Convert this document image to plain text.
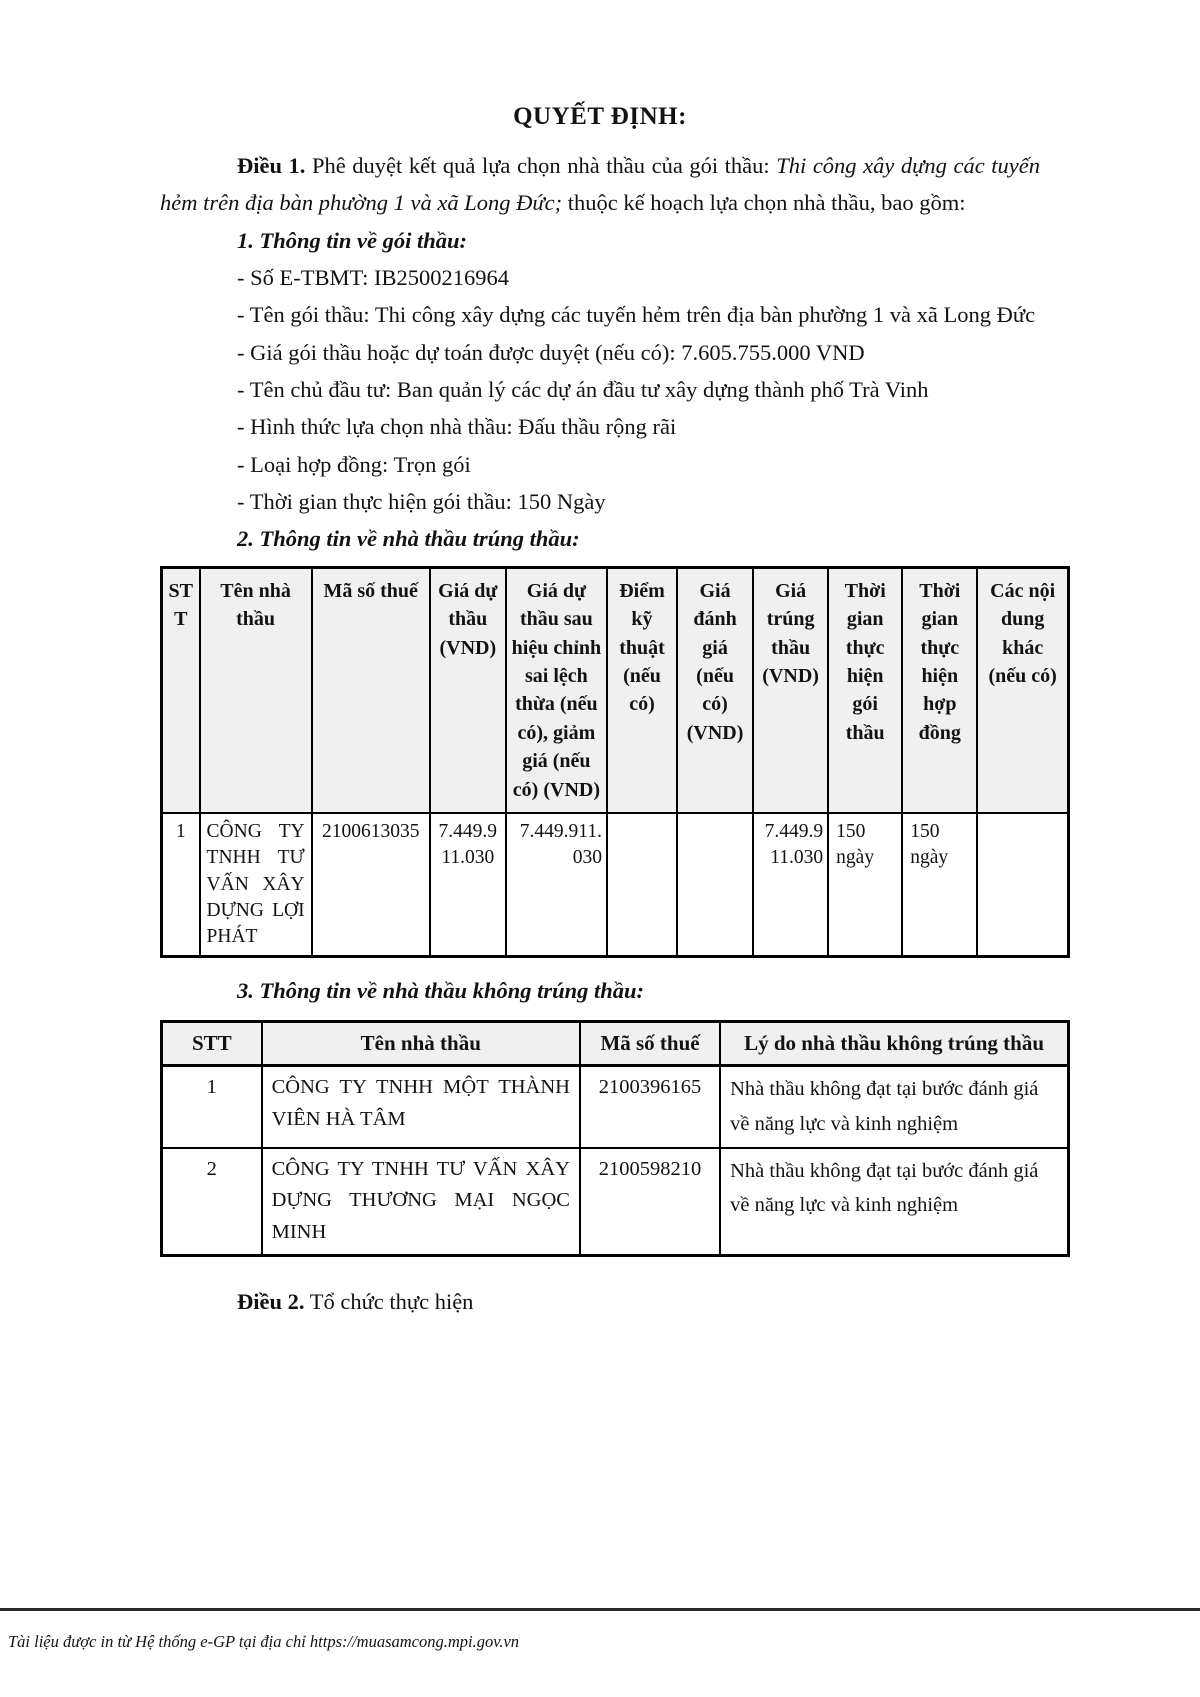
QUYẾT ĐỊNH:

Điều 1. Phê duyệt kết quả lựa chọn nhà thầu của gói thầu: Thi công xây dựng các tuyến hẻm trên địa bàn phường 1 và xã Long Đức; thuộc kế hoạch lựa chọn nhà thầu, bao gồm:

1. Thông tin về gói thầu:

- Số E-TBMT: IB2500216964

- Tên gói thầu: Thi công xây dựng các tuyến hẻm trên địa bàn phường 1 và xã Long Đức

- Giá gói thầu hoặc dự toán được duyệt (nếu có): 7.605.755.000 VND

- Tên chủ đầu tư: Ban quản lý các dự án đầu tư xây dựng thành phố Trà Vinh

- Hình thức lựa chọn nhà thầu: Đấu thầu rộng rãi

- Loại hợp đồng: Trọn gói

- Thời gian thực hiện gói thầu: 150 Ngày

2. Thông tin về nhà thầu trúng thầu:

STT	Tên nhà thầu	Mã số thuế	Giá dự thầu (VND)	Giá dự thầu sau hiệu chỉnh sai lệch thừa (nếu có), giảm giá (nếu có) (VND)	Điểm kỹ thuật (nếu có)	Giá đánh giá (nếu có) (VND)	Giá trúng thầu (VND)	Thời gian thực hiện gói thầu	Thời gian thực hiện hợp đồng	Các nội dung khác (nếu có)
1	CÔNG TY TNHH TƯ VẤN XÂY DỰNG LỢI PHÁT	2100613035	7.449.911.030	7.449.911.030			7.449.911.030	150 ngày	150 ngày	

3. Thông tin về nhà thầu không trúng thầu:

STT	Tên nhà thầu	Mã số thuế	Lý do nhà thầu không trúng thầu
1	CÔNG TY TNHH MỘT THÀNH VIÊN HÀ TÂM	2100396165	Nhà thầu không đạt tại bước đánh giá về năng lực và kinh nghiệm
2	CÔNG TY TNHH TƯ VẤN XÂY DỰNG THƯƠNG MẠI NGỌC MINH	2100598210	Nhà thầu không đạt tại bước đánh giá về năng lực và kinh nghiệm

Điều 2. Tổ chức thực hiện

Tài liệu được in từ Hệ thống e-GP tại địa chỉ https://muasamcong.mpi.gov.vn
